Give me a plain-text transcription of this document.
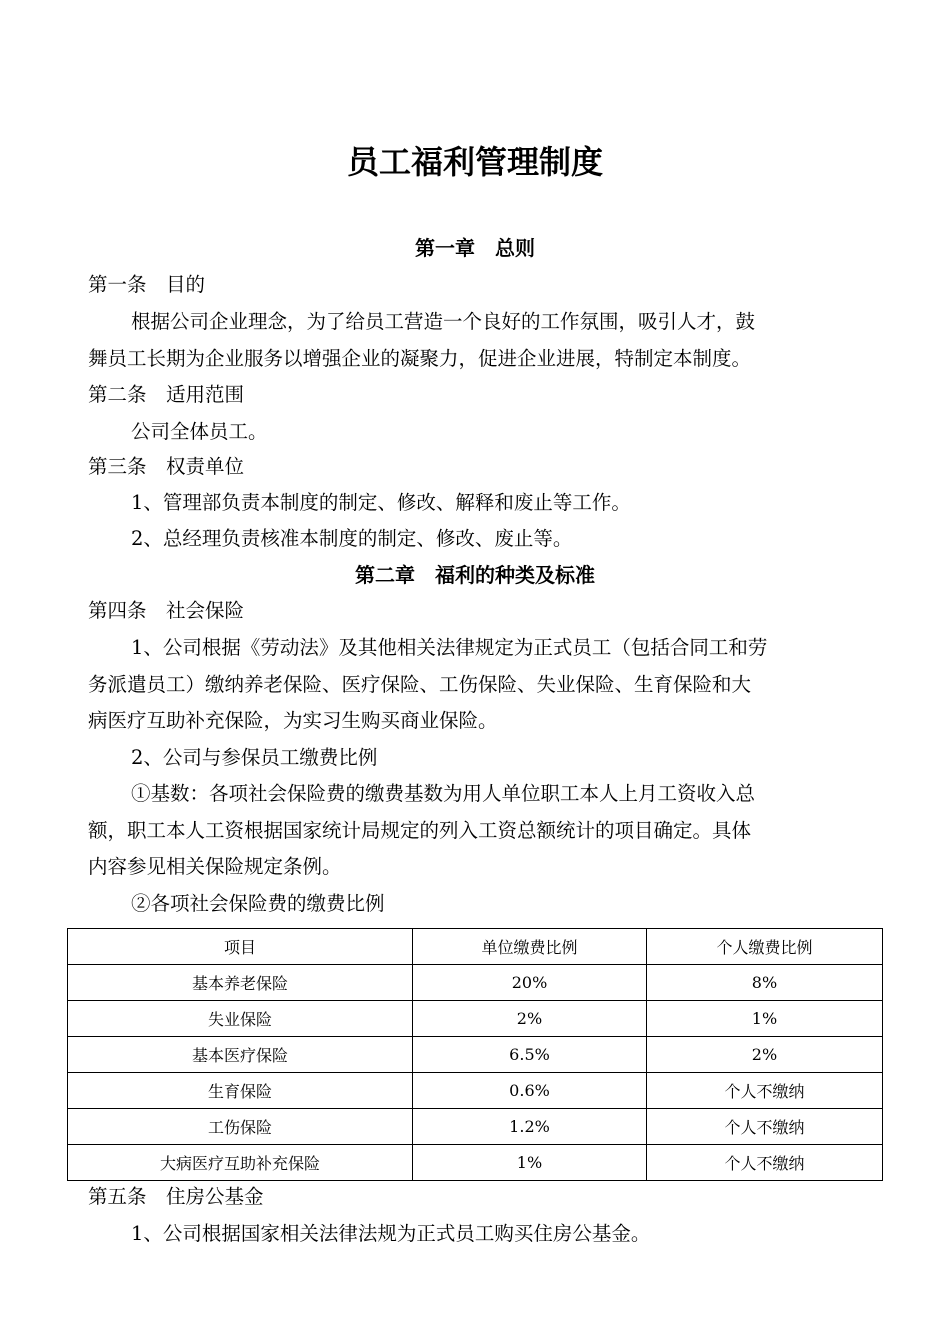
员工福利管理制度
第一章　总则
第一条　目的
根据公司企业理念，为了给员工营造一个良好的工作氛围，吸引人才，鼓
舞员工长期为企业服务以增强企业的凝聚力，促进企业进展，特制定本制度。
第二条　适用范围
公司全体员工。
第三条　权责单位
1、管理部负责本制度的制定、修改、解释和废止等工作。
2、总经理负责核准本制度的制定、修改、废止等。
第二章　福利的种类及标准
第四条　社会保险
1、公司根据《劳动法》及其他相关法律规定为正式员工（包括合同工和劳
务派遣员工）缴纳养老保险、医疗保险、工伤保险、失业保险、生育保险和大
病医疗互助补充保险，为实习生购买商业保险。
2、公司与参保员工缴费比例
①基数：各项社会保险费的缴费基数为用人单位职工本人上月工资收入总
额，职工本人工资根据国家统计局规定的列入工资总额统计的项目确定。具体
内容参见相关保险规定条例。
②各项社会保险费的缴费比例
项目	单位缴费比例	个人缴费比例
基本养老保险	20%	8%
失业保险	2%	1%
基本医疗保险	6.5%	2%
生育保险	0.6%	个人不缴纳
工伤保险	1.2%	个人不缴纳
大病医疗互助补充保险	1%	个人不缴纳
第五条　住房公基金
1、公司根据国家相关法律法规为正式员工购买住房公基金。
